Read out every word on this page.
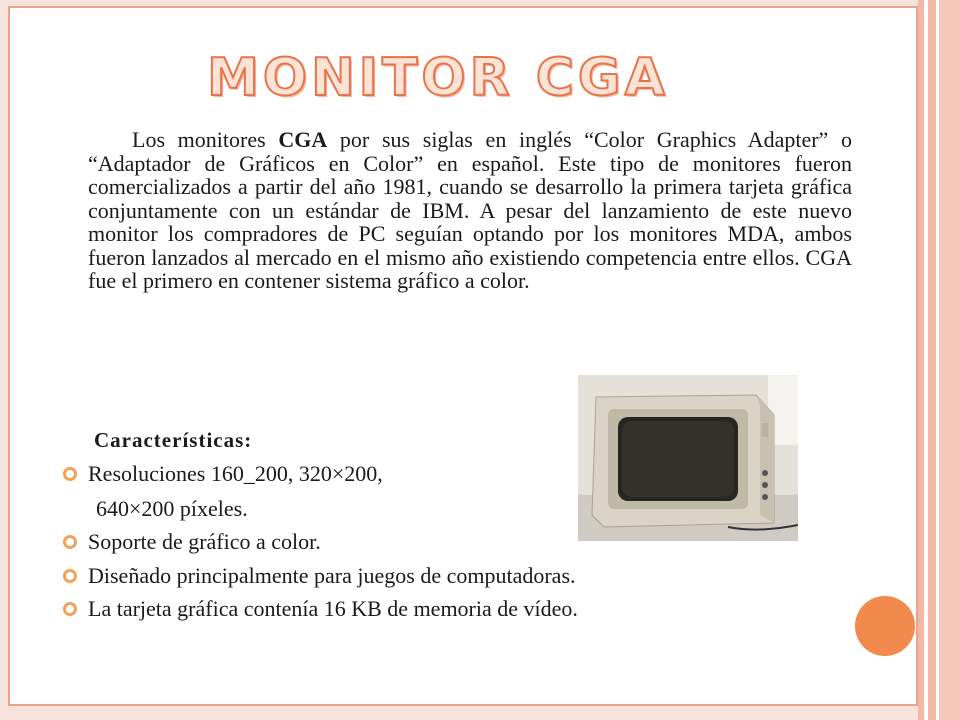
MONITOR CGA
  Los monitores CGA por sus siglas en inglés “Color Graphics Adapter” o “Adaptador de Gráficos en Color” en español. Este tipo de monitores fueron comercializados a partir del año 1981, cuando se desarrollo la primera tarjeta gráfica conjuntamente con un estándar de IBM. A pesar del lanzamiento de este nuevo monitor los compradores de PC seguían optando por los monitores MDA, ambos fueron lanzados al mercado en el mismo año existiendo competencia entre ellos. CGA fue el primero en contener sistema gráfico a color.
Características:
Resoluciones 160_200, 320×200,
640×200 píxeles.
Soporte de gráfico a color.
Diseñado principalmente para juegos de computadoras.
La tarjeta gráfica contenía 16 KB de memoria de vídeo.
